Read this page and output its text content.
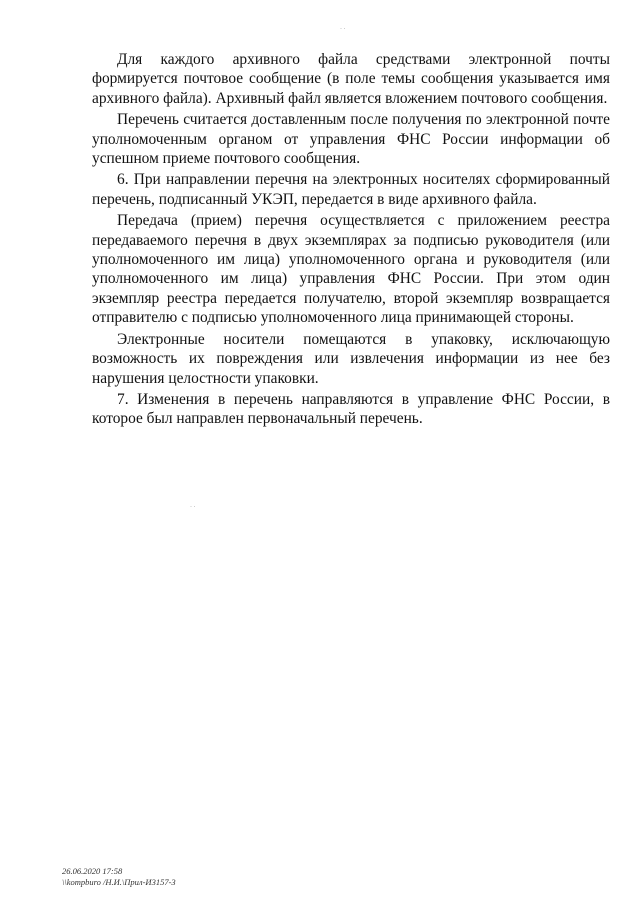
· ·
· ·

Для каждого архивного файла средствами электронной почты формируется почтовое сообщение (в поле темы сообщения указывается имя архивного файла). Архивный файл является вложением почтового сообщения.

Перечень считается доставленным после получения по электронной почте уполномоченным органом от управления ФНС России информации об успешном приеме почтового сообщения.

6. При направлении перечня на электронных носителях сформированный перечень, подписанный УКЭП, передается в виде архивного файла.

Передача (прием) перечня осуществляется с приложением реестра передаваемого перечня в двух экземплярах за подписью руководителя (или уполномоченного им лица) уполномоченного органа и руководителя (или уполномоченного им лица) управления ФНС России. При этом один экземпляр реестра передается получателю, второй экземпляр возвращается отправителю с подписью уполномоченного лица принимающей стороны.

Электронные носители помещаются в упаковку, исключающую возможность их повреждения или извлечения информации из нее без нарушения целостности упаковки.

7. Изменения в перечень направляются в управление ФНС России, в которое был направлен первоначальный перечень.

26.06.2020 17:58
\\kompburo /Н.И.\Прил-И3157-3
